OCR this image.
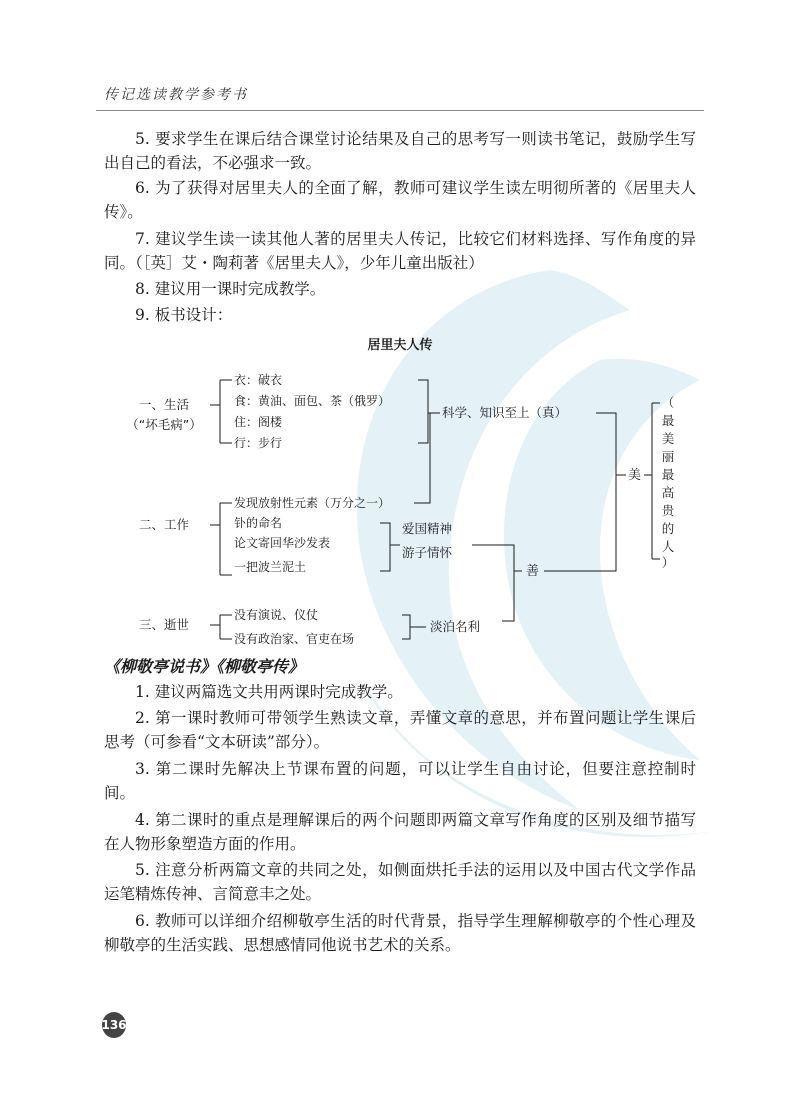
传记选读教学参考书

5. 要求学生在课后结合课堂讨论结果及自己的思考写一则读书笔记，鼓励学生写出自己的看法，不必强求一致。

6. 为了获得对居里夫人的全面了解，教师可建议学生读左明彻所著的《居里夫人传》。

7. 建议学生读一读其他人著的居里夫人传记，比较它们材料选择、写作角度的异同。（［英］艾・陶莉著《居里夫人》，少年儿童出版社）

8. 建议用一课时完成教学。

9. 板书设计：

居里夫人传
一、生活
（“坏毛病”）
衣：破衣
食：黄油、面包、茶（俄罗）
住：阁楼
行：步行
科学、知识至上（真）
二、工作
发现放射性元素（万分之一）
钋的命名
论文寄回华沙发表
一把波兰泥土
爱国精神
游子情怀
三、逝世
没有演说、仪仗
没有政治家、官吏在场
淡泊名利
善
美
（
最
美
丽
最
高
贵
的
人
）

《柳敬亭说书》《柳敬亭传》

1. 建议两篇选文共用两课时完成教学。

2. 第一课时教师可带领学生熟读文章，弄懂文章的意思，并布置问题让学生课后思考（可参看“文本研读”部分）。

3. 第二课时先解决上节课布置的问题，可以让学生自由讨论，但要注意控制时间。

4. 第二课时的重点是理解课后的两个问题即两篇文章写作角度的区别及细节描写在人物形象塑造方面的作用。

5. 注意分析两篇文章的共同之处，如侧面烘托手法的运用以及中国古代文学作品运笔精炼传神、言简意丰之处。

6. 教师可以详细介绍柳敬亭生活的时代背景，指导学生理解柳敬亭的个性心理及柳敬亭的生活实践、思想感情同他说书艺术的关系。

136
